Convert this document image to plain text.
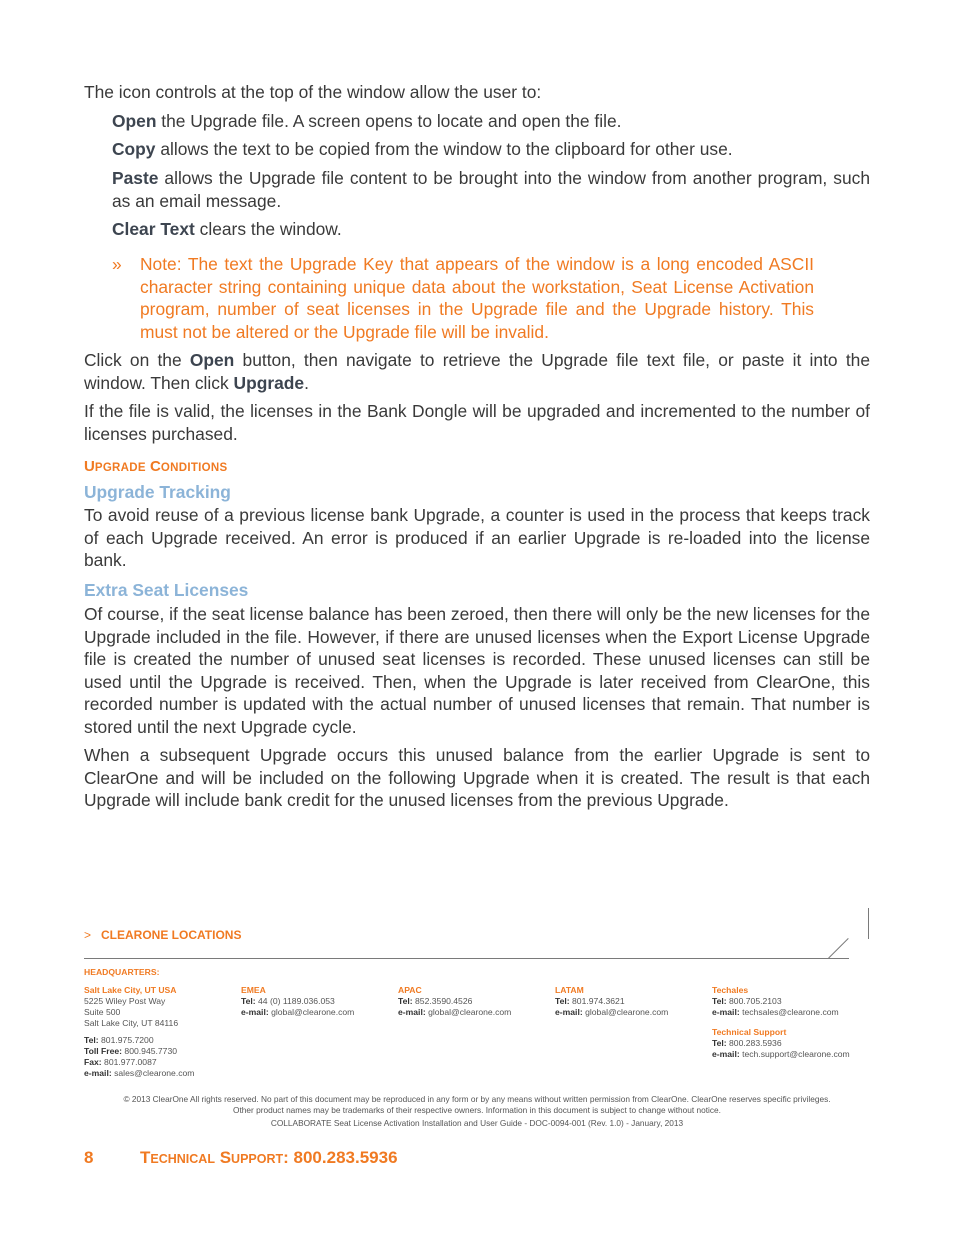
The icon controls at the top of the window allow the user to:

Open the Upgrade file. A screen opens to locate and open the file.

Copy allows the text to be copied from the window to the clipboard for other use.

Paste allows the Upgrade file content to be brought into the window from another program, such as an email message.

Clear Text clears the window.

» Note: The text the Upgrade Key that appears of the window is a long encoded ASCII character string containing unique data about the workstation, Seat License Activation program, number of seat licenses in the Upgrade file and the Upgrade history. This must not be altered or the Upgrade file will be invalid.

Click on the Open button, then navigate to retrieve the Upgrade file text file, or paste it into the window. Then click Upgrade.

If the file is valid, the licenses in the Bank Dongle will be upgraded and incremented to the number of licenses purchased.

UPGRADE CONDITIONS
Upgrade Tracking

To avoid reuse of a previous license bank Upgrade, a counter is used in the process that keeps track of each Upgrade received. An error is produced if an earlier Upgrade is re-loaded into the license bank.

Extra Seat Licenses

Of course, if the seat license balance has been zeroed, then there will only be the new licenses for the Upgrade included in the file. However, if there are unused licenses when the Export License Upgrade file is created the number of unused seat licenses is recorded. These unused licenses can still be used until the Upgrade is received. Then, when the Upgrade is later received from ClearOne, this recorded number is updated with the actual number of unused licenses that remain. That number is stored until the next Upgrade cycle.

When a subsequent Upgrade occurs this unused balance from the earlier Upgrade is sent to ClearOne and will be included on the following Upgrade when it is created. The result is that each Upgrade will include bank credit for the unused licenses from the previous Upgrade.

> CLEARONE LOCATIONS
HEADQUARTERS:
Salt Lake City, UT USA
5225 Wiley Post Way
Suite 500
Salt Lake City, UT 84116
Tel: 801.975.7200
Toll Free: 800.945.7730
Fax: 801.977.0087
e-mail: sales@clearone.com
EMEA
Tel: 44 (0) 1189.036.053
e-mail: global@clearone.com
APAC
Tel: 852.3590.4526
e-mail: global@clearone.com
LATAM
Tel: 801.974.3621
e-mail: global@clearone.com
Techales
Tel: 800.705.2103
e-mail: techsales@clearone.com
Technical Support
Tel: 800.283.5936
e-mail: tech.support@clearone.com
© 2013 ClearOne All rights reserved. No part of this document may be reproduced in any form or by any means without written permission from ClearOne. ClearOne reserves specific privileges.
Other product names may be trademarks of their respective owners. Information in this document is subject to change without notice.
COLLABORATE Seat License Activation Installation and User Guide - DOC-0094-001 (Rev. 1.0) - January, 2013
8	TECHNICAL SUPPORT: 800.283.5936
